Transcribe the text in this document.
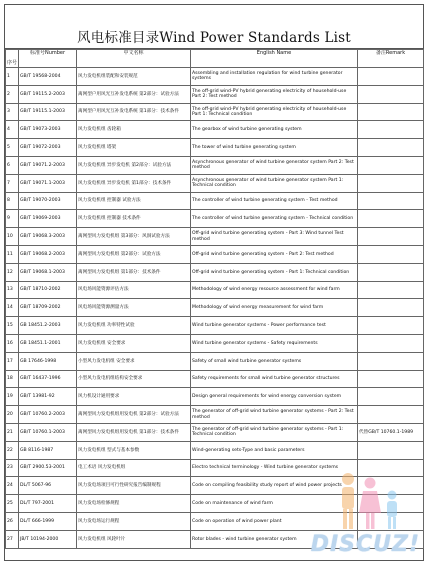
风电标准目录Wind Power Standards List
序号	标准号Number	中文名称	English Name	备注Remark
1	GB/T 19568-2004	风力发电机组装配和安装规范	Assembling and installation regulation for wind turbine generator systems	
2	GB/T 19115.2-2003	离网型户用风光互补发电系统 第2部分：试验方法	The off-grid wind-PV hybrid generating electricity of household-use Part 2: Test method	
3	GB/T 19115.1-2003	离网型户用风光互补发电系统 第1部分：技术条件	The off-grid wind-PV hybrid generating electricity of household-use Part 1: Technical condition	
4	GB/T 19073-2003	风力发电机组 齿轮箱	The gearbox of wind turbine generating system	
5	GB/T 19072-2003	风力发电机组 塔架	The tower of wind turbine generating system	
6	GB/T 19071.2-2003	风力发电机组 异步发电机 第2部分：试验方法	Asynchronous generator of wind turbine generator system Part 2: Test method	
7	GB/T 19071.1-2003	风力发电机组 异步发电机 第1部分：技术条件	Asynchronous generator of wind turbine generator system Part 1: Technical condition	
8	GB/T 19070-2003	风力发电机组 控制器 试验方法	The controller of wind turbine generating system - Test method	
9	GB/T 19069-2003	风力发电机组 控制器 技术条件	The controller of wind turbine generating system - Technical condition	
10	GB/T 19068.3-2003	离网型风力发电机组 第3部分：风洞试验方法	Off-grid wind turbine generating system - Part 3: Wind tunnel Test method	
11	GB/T 19068.2-2003	离网型风力发电机组 第2部分：试验方法	Off-grid wind turbine generating system - Part 2: Test method	
12	GB/T 19068.1-2003	离网型风力发电机组 第1部分：技术条件	Off-grid wind turbine generating system - Part 1: Technical condition	
13	GB/T 18710-2002	风电场风能资源评估方法	Methodology of wind energy resource assessment for wind farm	
14	GB/T 18709-2002	风电场风能资源测量方法	Methodology of wind energy measurement for wind farm	
15	GB 18451.2-2003	风力发电机组 功率特性试验	Wind turbine generator systems - Power performance test	
16	GB 18451.1-2001	风力发电机组 安全要求	Wind turbine generator systems - Safety requirements	
17	GB 17646-1998	小型风力发电机组 安全要求	Safety of small wind turbine generator systems	
18	GB/T 16437-1996	小型风力发电机组结构安全要求	Safety requirements for small wind turbine generator structures	
19	GB/T 13981-92	风力机设计通用要求	Design general requirements for wind energy conversion system	
20	GB/T 10760.2-2003	离网型风力发电机组用发电机 第2部分：试验方法	The generator of off-grid wind turbine generator systems - Part 2: Test method	
21	GB/T 10760.1-2003	离网型风力发电机组用发电机 第1部分：技术条件	The generator of off-grid wind turbine generator systems - Part 1: Technical condition	代替GB/T 10760.1-1989
22	GB 8116-1987	风力发电机组 型式与基本参数	Wind-generating sets-Type and basic parameters	
23	GB/T 2900.53-2001	电工术语 风力发电机组	Electro technical terminology - Wind turbine generator systems	
24	DL/T 5067-96	风力发电场项目可行性研究报告编制规程	Code on compiling feasibility study report of wind power projects	
25	DL/T 797-2001	风力发电场检修规程	Code on maintenance of wind farm	
26	DL/T 666-1999	风力发电场运行规程	Code on operation of wind power plant	
27	JB/T 10194-2000	风力发电机组 风轮叶片	Rotor blades - wind turbine generator system	DISCUZ!
